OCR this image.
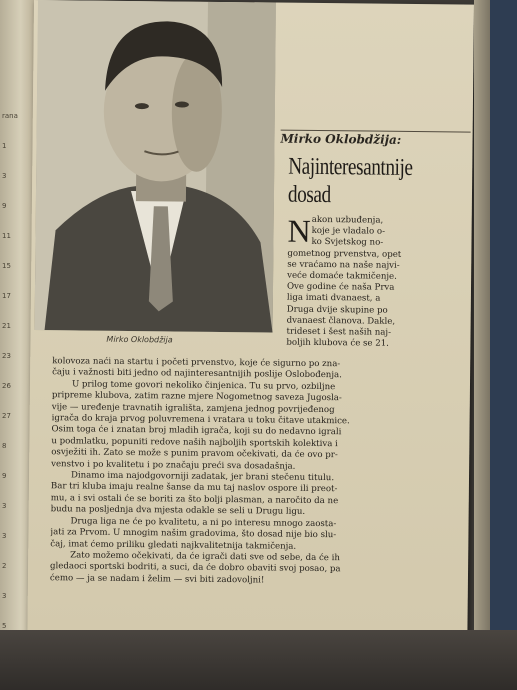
rana
1
3
9
11
15
17
21
23
26
27
8
9
3
3
2
3
5
Mirko Oklobdžija
Mirko Oklobdžija:
Najinteresantnije
dosad
N akon uzbuđenja,
koje je vladalo o-
ko Svjetskog no-
gometnog prvenstva, opet
se vraćamo na naše najvi-
veće domaće takmičenje.
Ove godine će naša Prva
liga imati dvanaest, a
Druga dvije skupine po
dvanaest članova. Dakle,
trideset i šest naših naj-
boljih klubova će se 21.
kolovoza naći na startu i početi prvenstvo, koje će sigurno po zna-
čaju i važnosti biti jedno od najinteresantnijih poslije Oslobođenja.
U prilog tome govori nekoliko činjenica. Tu su prvo, ozbiljne
pripreme klubova, zatim razne mjere Nogometnog saveza Jugosla-
vije — uređenje travnatih igrališta, zamjena jednog povrijeđenog
igrača do kraja prvog poluvremena i vratara u toku čitave utakmice.
Osim toga će i znatan broj mladih igrača, koji su do nedavno igrali
u podmlatku, popuniti redove naših najboljih sportskih kolektiva i
osvježiti ih. Zato se može s punim pravom očekivati, da će ovo pr-
venstvo i po kvalitetu i po značaju preći sva dosadašnja.
Dinamo ima najodgovorniji zadatak, jer brani stečenu titulu.
Bar tri kluba imaju realne šanse da mu taj naslov ospore ili preot-
mu, a i svi ostali će se boriti za što bolji plasman, a naročito da ne
budu na posljednja dva mjesta odakle se seli u Drugu ligu.
Druga liga ne će po kvalitetu, a ni po interesu mnogo zaosta-
jati za Prvom. U mnogim našim gradovima, što dosad nije bio slu-
čaj, imat ćemo priliku gledati najkvalitetnija takmičenja.
Zato možemo očekivati, da će igrači dati sve od sebe, da će ih
gledaoci sportski bodriti, a suci, da će dobro obaviti svoj posao, pa
ćemo — ja se nadam i želim — svi biti zadovoljni!
